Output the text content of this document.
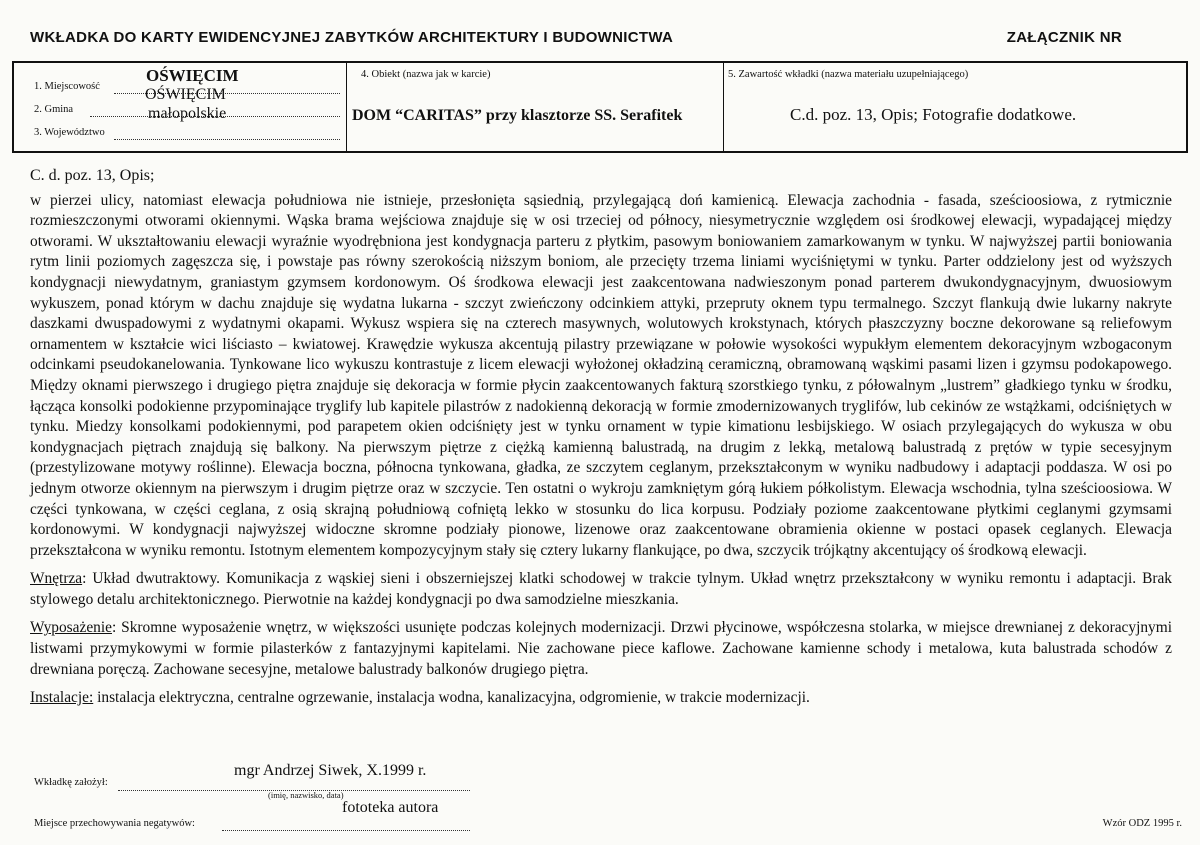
WKŁADKA DO KARTY EWIDENCYJNEJ ZABYTKÓW ARCHITEKTURY I BUDOWNICTWA	ZAŁĄCZNIK NR
1. Miejscowość
OŚWIĘCIM
2. Gmina
OŚWIĘCIM
3. Województwo
małopolskie
4. Obiekt (nazwa jak w karcie)
DOM “CARITAS” przy klasztorze SS. Serafitek
5. Zawartość wkładki (nazwa materiału uzupełniającego)
C.d. poz. 13, Opis; Fotografie dodatkowe.

C. d. poz. 13, Opis;

w pierzei ulicy, natomiast elewacja południowa nie istnieje, przesłonięta sąsiednią, przylegającą doń kamienicą. Elewacja zachodnia - fasada, sześcioosiowa, z rytmicznie rozmieszczonymi otworami okiennymi. Wąska brama wejściowa znajduje się w osi trzeciej od północy, niesymetrycznie względem osi środkowej elewacji, wypadającej między otworami. W ukształtowaniu elewacji wyraźnie wyodrębniona jest kondygnacja parteru z płytkim, pasowym boniowaniem zamarkowanym w tynku. W najwyższej partii boniowania rytm linii poziomych zagęszcza się, i powstaje pas równy szerokością niższym boniom, ale przecięty trzema liniami wyciśniętymi w tynku. Parter oddzielony jest od wyższych kondygnacji niewydatnym, graniastym gzymsem kordonowym. Oś środkowa elewacji jest zaakcentowana nadwieszonym ponad parterem dwukondygnacyjnym, dwuosiowym wykuszem, ponad którym w dachu znajduje się wydatna lukarna - szczyt zwieńczony odcinkiem attyki, przepruty oknem typu termalnego. Szczyt flankują dwie lukarny nakryte daszkami dwuspadowymi z wydatnymi okapami. Wykusz wspiera się na czterech masywnych, wolutowych krokstynach, których płaszczyzny boczne dekorowane są reliefowym ornamentem w kształcie wici liściasto – kwiatowej. Krawędzie wykusza akcentują pilastry przewiązane w połowie wysokości wypukłym elementem dekoracyjnym wzbogaconym odcinkami pseudokanelowania. Tynkowane lico wykuszu kontrastuje z licem elewacji wyłożonej okładziną ceramiczną, obramowaną wąskimi pasami lizen i gzymsu podokapowego. Między oknami pierwszego i drugiego piętra znajduje się dekoracja w formie płycin zaakcentowanych fakturą szorstkiego tynku, z półowalnym „lustrem” gładkiego tynku w środku, łącząca konsolki podokienne przypominające tryglify lub kapitele pilastrów z nadokienną dekoracją w formie zmodernizowanych tryglifów, lub cekinów ze wstążkami, odciśniętych w tynku. Miedzy konsolkami podokiennymi, pod parapetem okien odciśnięty jest w tynku ornament w typie kimationu lesbijskiego. W osiach przylegających do wykusza w obu kondygnacjach piętrach znajdują się balkony. Na pierwszym piętrze z ciężką kamienną balustradą, na drugim z lekką, metalową balustradą z prętów w typie secesyjnym (przestylizowane motywy roślinne). Elewacja boczna, północna tynkowana, gładka, ze szczytem ceglanym, przekształconym w wyniku nadbudowy i adaptacji poddasza. W osi po jednym otworze okiennym na pierwszym i drugim piętrze oraz w szczycie. Ten ostatni o wykroju zamkniętym górą łukiem półkolistym. Elewacja wschodnia, tylna sześcioosiowa. W części tynkowana, w części ceglana, z osią skrajną południową cofniętą lekko w stosunku do lica korpusu. Podziały poziome zaakcentowane płytkimi ceglanymi gzymsami kordonowymi. W kondygnacji najwyższej widoczne skromne podziały pionowe, lizenowe oraz zaakcentowane obramienia okienne w postaci opasek ceglanych. Elewacja przekształcona w wyniku remontu. Istotnym elementem kompozycyjnym stały się cztery lukarny flankujące, po dwa, szczycik trójkątny akcentujący oś środkową elewacji.

Wnętrza: Układ dwutraktowy. Komunikacja z wąskiej sieni i obszerniejszej klatki schodowej w trakcie tylnym. Układ wnętrz przekształcony w wyniku remontu i adaptacji. Brak stylowego detalu architektonicznego. Pierwotnie na każdej kondygnacji po dwa samodzielne mieszkania.

Wyposażenie: Skromne wyposażenie wnętrz, w większości usunięte podczas kolejnych modernizacji. Drzwi płycinowe, współczesna stolarka, w miejsce drewnianej z dekoracyjnymi listwami przymykowymi w formie pilasterków z fantazyjnymi kapitelami. Nie zachowane piece kaflowe. Zachowane kamienne schody i metalowa, kuta balustrada schodów z drewniana poręczą. Zachowane secesyjne, metalowe balustrady balkonów drugiego piętra.

Instalacje: instalacja elektryczna, centralne ogrzewanie, instalacja wodna, kanalizacyjna, odgromienie, w trakcie modernizacji.

Wkładkę założył:
mgr Andrzej Siwek, X.1999 r.
(imię, nazwisko, data)
Miejsce przechowywania negatywów:
fototeka autora
Wzór ODZ 1995 r.
